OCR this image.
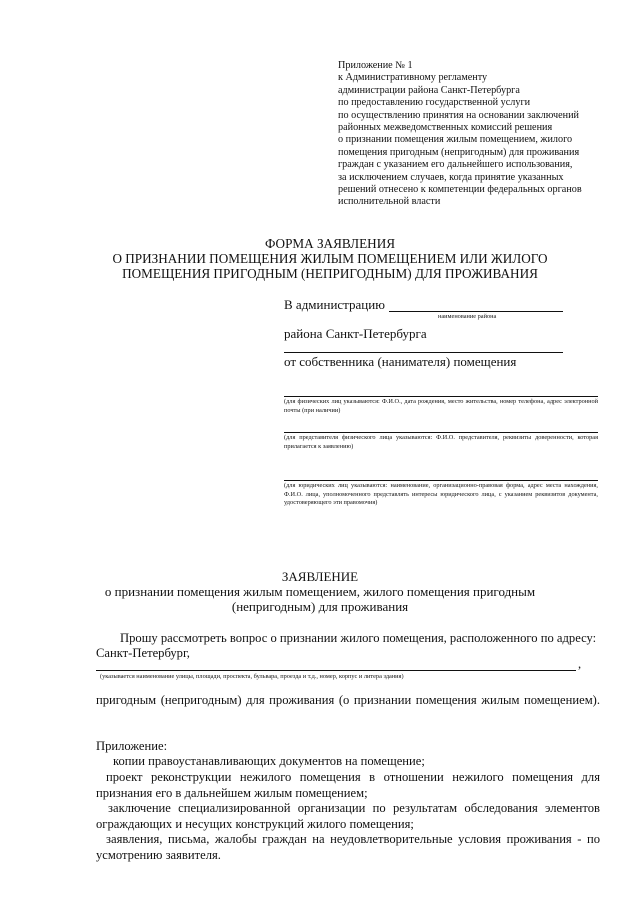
Приложение № 1
к Административному регламенту
администрации района Санкт-Петербурга
по предоставлению государственной услуги
по осуществлению принятия на основании заключений
районных межведомственных комиссий решения
о признании помещения жилым помещением, жилого
помещения пригодным (непригодным) для проживания
граждан с указанием его дальнейшего использования,
за исключением случаев, когда принятие указанных
решений отнесено к компетенции федеральных органов
исполнительной власти
ФОРМА ЗАЯВЛЕНИЯ
О ПРИЗНАНИИ ПОМЕЩЕНИЯ ЖИЛЫМ ПОМЕЩЕНИЕМ ИЛИ ЖИЛОГО
ПОМЕЩЕНИЯ ПРИГОДНЫМ (НЕПРИГОДНЫМ) ДЛЯ ПРОЖИВАНИЯ
В администрацию
наименование района
района Санкт-Петербурга
от собственника (нанимателя) помещения
(для физических лиц указываются: Ф.И.О., дата рождения, место жительства, номер телефона, адрес электронной почты (при наличии)
(для представителя физического лица указываются: Ф.И.О. представителя, реквизиты доверенности, которая прилагается к заявлению)
(для юридических лиц указываются: наименование, организационно-правовая форма, адрес места нахождения, Ф.И.О. лица, уполномоченного представлять интересы юридического лица, с указанием реквизитов документа, удостоверяющего эти правомочия)
ЗАЯВЛЕНИЕ
о признании помещения жилым помещением, жилого помещения пригодным
(непригодным) для проживания
Прошу рассмотреть вопрос о признании жилого помещения, расположенного по адресу:
Санкт-Петербург,
,
(указывается наименование улицы, площади, проспекта, бульвара, проезда и т.д., номер, корпус и литера здания)
пригодным (непригодным) для проживания (о признании помещения жилым помещением).
Приложение:
копии правоустанавливающих документов на помещение;
проект реконструкции нежилого помещения в отношении нежилого помещения для признания его в дальнейшем жилым помещением;
заключение специализированной организации по результатам обследования элементов ограждающих и несущих конструкций жилого помещения;
заявления, письма, жалобы граждан на неудовлетворительные условия проживания - по усмотрению заявителя.
